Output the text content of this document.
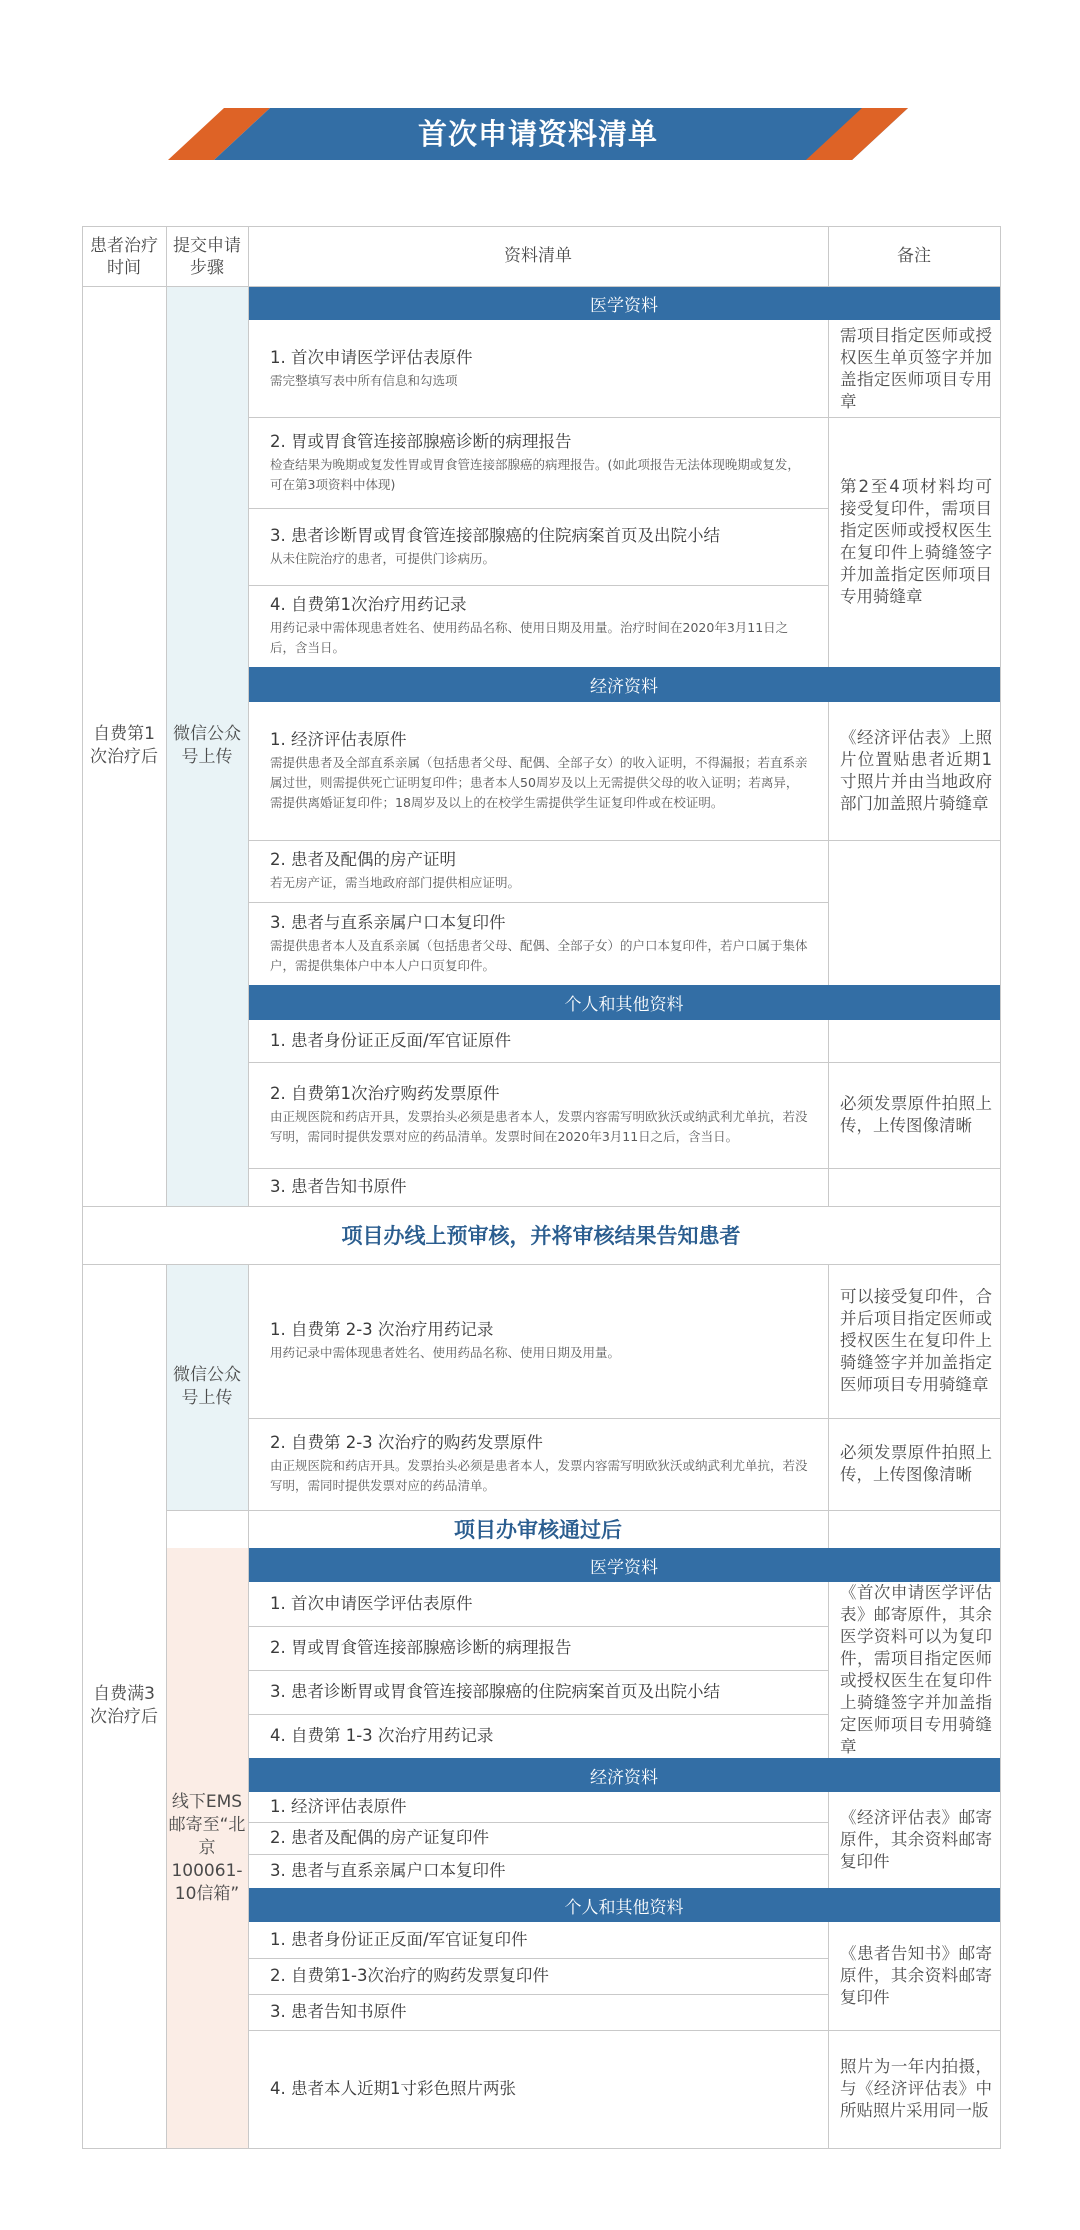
首次申请资料清单
医学资料
经济资料
个人和其他资料
医学资料
经济资料
个人和其他资料
患者治疗时间
提交申请步骤
资料清单	备注
自费第1次治疗后
微信公众号上传
1. 首次申请医学评估表原件
需完整填写表中所有信息和勾选项
2. 胃或胃食管连接部腺癌诊断的病理报告
检查结果为晚期或复发性胃或胃食管连接部腺癌的病理报告。(如此项报告无法体现晚期或复发，可在第3项资料中体现)
3. 患者诊断胃或胃食管连接部腺癌的住院病案首页及出院小结
从未住院治疗的患者，可提供门诊病历。
4. 自费第1次治疗用药记录
用药记录中需体现患者姓名、使用药品名称、使用日期及用量。治疗时间在2020年3月11日之后，含当日。
需项目指定医师或授权医生单页签字并加盖指定医师项目专用章
第2至4项材料均可接受复印件，需项目指定医师或授权医生在复印件上骑缝签字并加盖指定医师项目专用骑缝章
1. 经济评估表原件
需提供患者及全部直系亲属（包括患者父母、配偶、全部子女）的收入证明，不得漏报；若直系亲属过世，则需提供死亡证明复印件；患者本人50周岁及以上无需提供父母的收入证明；若离异，需提供离婚证复印件；18周岁及以上的在校学生需提供学生证复印件或在校证明。
2. 患者及配偶的房产证明
若无房产证，需当地政府部门提供相应证明。
3. 患者与直系亲属户口本复印件
需提供患者本人及直系亲属（包括患者父母、配偶、全部子女）的户口本复印件，若户口属于集体户，需提供集体户中本人户口页复印件。
《经济评估表》上照片位置贴患者近期1寸照片并由当地政府部门加盖照片骑缝章
1. 患者身份证正反面/军官证原件
2. 自费第1次治疗购药发票原件
由正规医院和药店开具，发票抬头必须是患者本人，发票内容需写明欧狄沃或纳武利尤单抗，若没写明，需同时提供发票对应的药品清单。发票时间在2020年3月11日之后，含当日。
3. 患者告知书原件
必须发票原件拍照上传，上传图像清晰
项目办线上预审核，并将审核结果告知患者
自费满3次治疗后
微信公众号上传
线下EMS邮寄至“北京100061-10信箱”
1. 自费第 2-3 次治疗用药记录
用药记录中需体现患者姓名、使用药品名称、使用日期及用量。
2. 自费第 2-3 次治疗的购药发票原件
由正规医院和药店开具。发票抬头必须是患者本人，发票内容需写明欧狄沃或纳武利尤单抗，若没写明，需同时提供发票对应的药品清单。
可以接受复印件，合并后项目指定医师或授权医生在复印件上骑缝签字并加盖指定医师项目专用骑缝章
必须发票原件拍照上传，上传图像清晰
项目办审核通过后
1. 首次申请医学评估表原件
2. 胃或胃食管连接部腺癌诊断的病理报告
3. 患者诊断胃或胃食管连接部腺癌的住院病案首页及出院小结
4. 自费第 1-3 次治疗用药记录
《首次申请医学评估表》邮寄原件，其余医学资料可以为复印件，需项目指定医师或授权医生在复印件上骑缝签字并加盖指定医师项目专用骑缝章
1. 经济评估表原件
2. 患者及配偶的房产证复印件
3. 患者与直系亲属户口本复印件
《经济评估表》邮寄原件，其余资料邮寄复印件
1. 患者身份证正反面/军官证复印件
2. 自费第1-3次治疗的购药发票复印件
3. 患者告知书原件
4. 患者本人近期1寸彩色照片两张
《患者告知书》邮寄原件，其余资料邮寄复印件
照片为一年内拍摄，与《经济评估表》中所贴照片采用同一版
